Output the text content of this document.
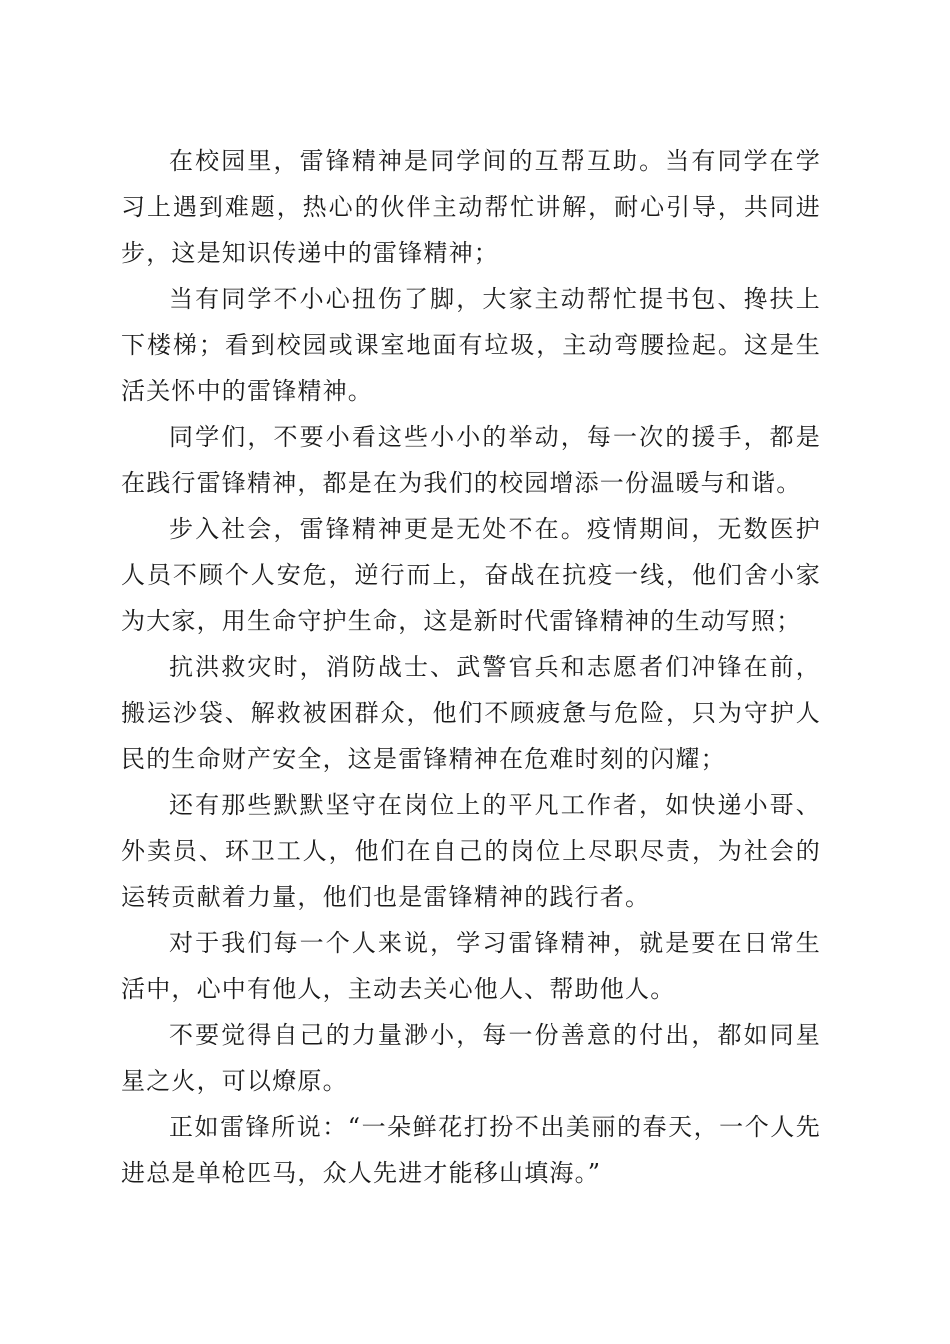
在校园里，雷锋精神是同学间的互帮互助。当有同学在学习上遇到难题，热心的伙伴主动帮忙讲解，耐心引导，共同进步，这是知识传递中的雷锋精神；

当有同学不小心扭伤了脚，大家主动帮忙提书包、搀扶上下楼梯；看到校园或课室地面有垃圾，主动弯腰捡起。这是生活关怀中的雷锋精神。

同学们，不要小看这些小小的举动，每一次的援手，都是在践行雷锋精神，都是在为我们的校园增添一份温暖与和谐。

步入社会，雷锋精神更是无处不在。疫情期间，无数医护人员不顾个人安危，逆行而上，奋战在抗疫一线，他们舍小家为大家，用生命守护生命，这是新时代雷锋精神的生动写照；

抗洪救灾时，消防战士、武警官兵和志愿者们冲锋在前，搬运沙袋、解救被困群众，他们不顾疲惫与危险，只为守护人民的生命财产安全，这是雷锋精神在危难时刻的闪耀；

还有那些默默坚守在岗位上的平凡工作者，如快递小哥、外卖员、环卫工人，他们在自己的岗位上尽职尽责，为社会的运转贡献着力量，他们也是雷锋精神的践行者。

对于我们每一个人来说，学习雷锋精神，就是要在日常生活中，心中有他人，主动去关心他人、帮助他人。

不要觉得自己的力量渺小，每一份善意的付出，都如同星星之火，可以燎原。

正如雷锋所说：“一朵鲜花打扮不出美丽的春天，一个人先进总是单枪匹马，众人先进才能移山填海。”
